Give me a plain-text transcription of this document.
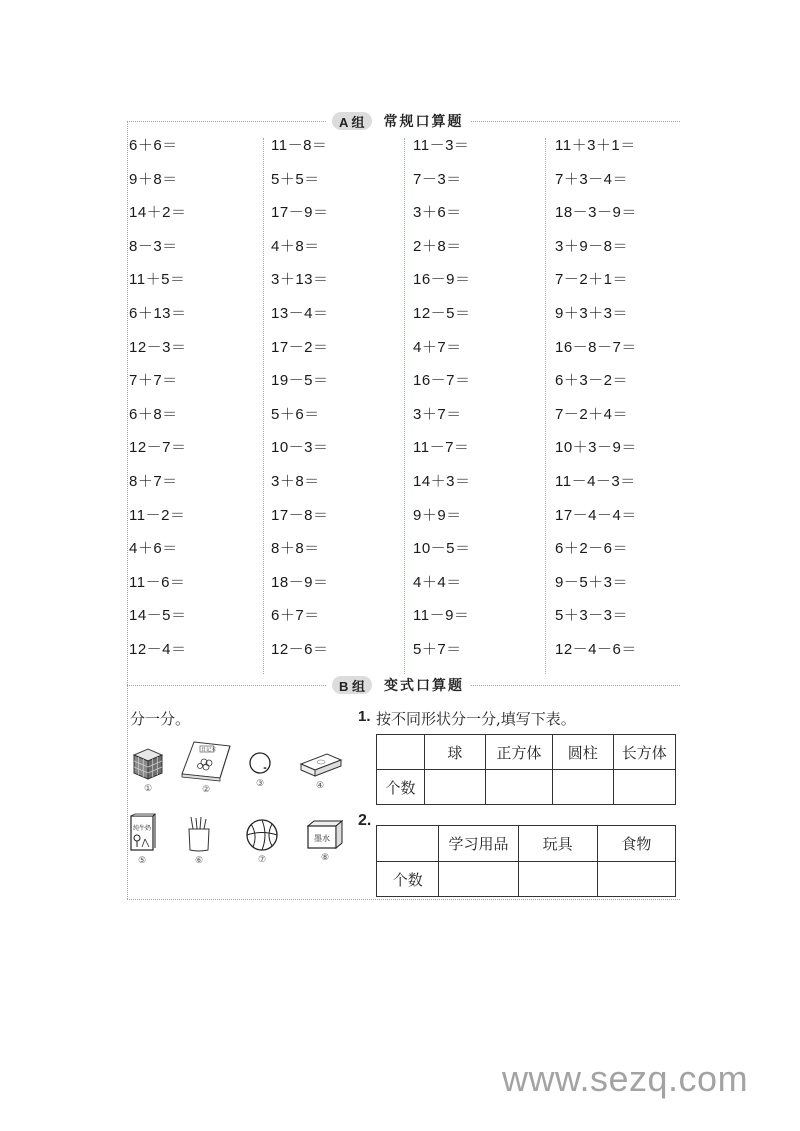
A 组	常规口算题
6＋6＝
9＋8＝
14＋2＝
8－3＝
11＋5＝
6＋13＝
12－3＝
7＋7＝
6＋8＝
12－7＝
8＋7＝
11－2＝
4＋6＝
11－6＝
14－5＝
12－4＝
11－8＝
5＋5＝
17－9＝
4＋8＝
3＋13＝
13－4＝
17－2＝
19－5＝
5＋6＝
10－3＝
3＋8＝
17－8＝
8＋8＝
18－9＝
6＋7＝
12－6＝
11－3＝
7－3＝
3＋6＝
2＋8＝
16－9＝
12－5＝
4＋7＝
16－7＝
3＋7＝
11－7＝
14＋3＝
9＋9＝
10－5＝
4＋4＝
11－9＝
5＋7＝
11＋3＋1＝
7＋3－4＝
18－3－9＝
3＋9－8＝
7－2＋1＝
9＋3＋3＝
16－8－7＝
6＋3－2＝
7－2＋4＝
10＋3－9＝
11－4－3＝
17－4－4＝
6＋2－6＝
9－5＋3＝
5＋3－3＝
12－4－6＝
B 组	变式口算题
分一分。
①
日记本
②
③	④
纯牛奶
⑤	⑥	⑦
墨水
⑧
1. 按不同形状分一分,填写下表。
	球	正方体	圆柱	长方体
个数				
2.
	学习用品	玩具	食物
个数			
www.sezq.com
